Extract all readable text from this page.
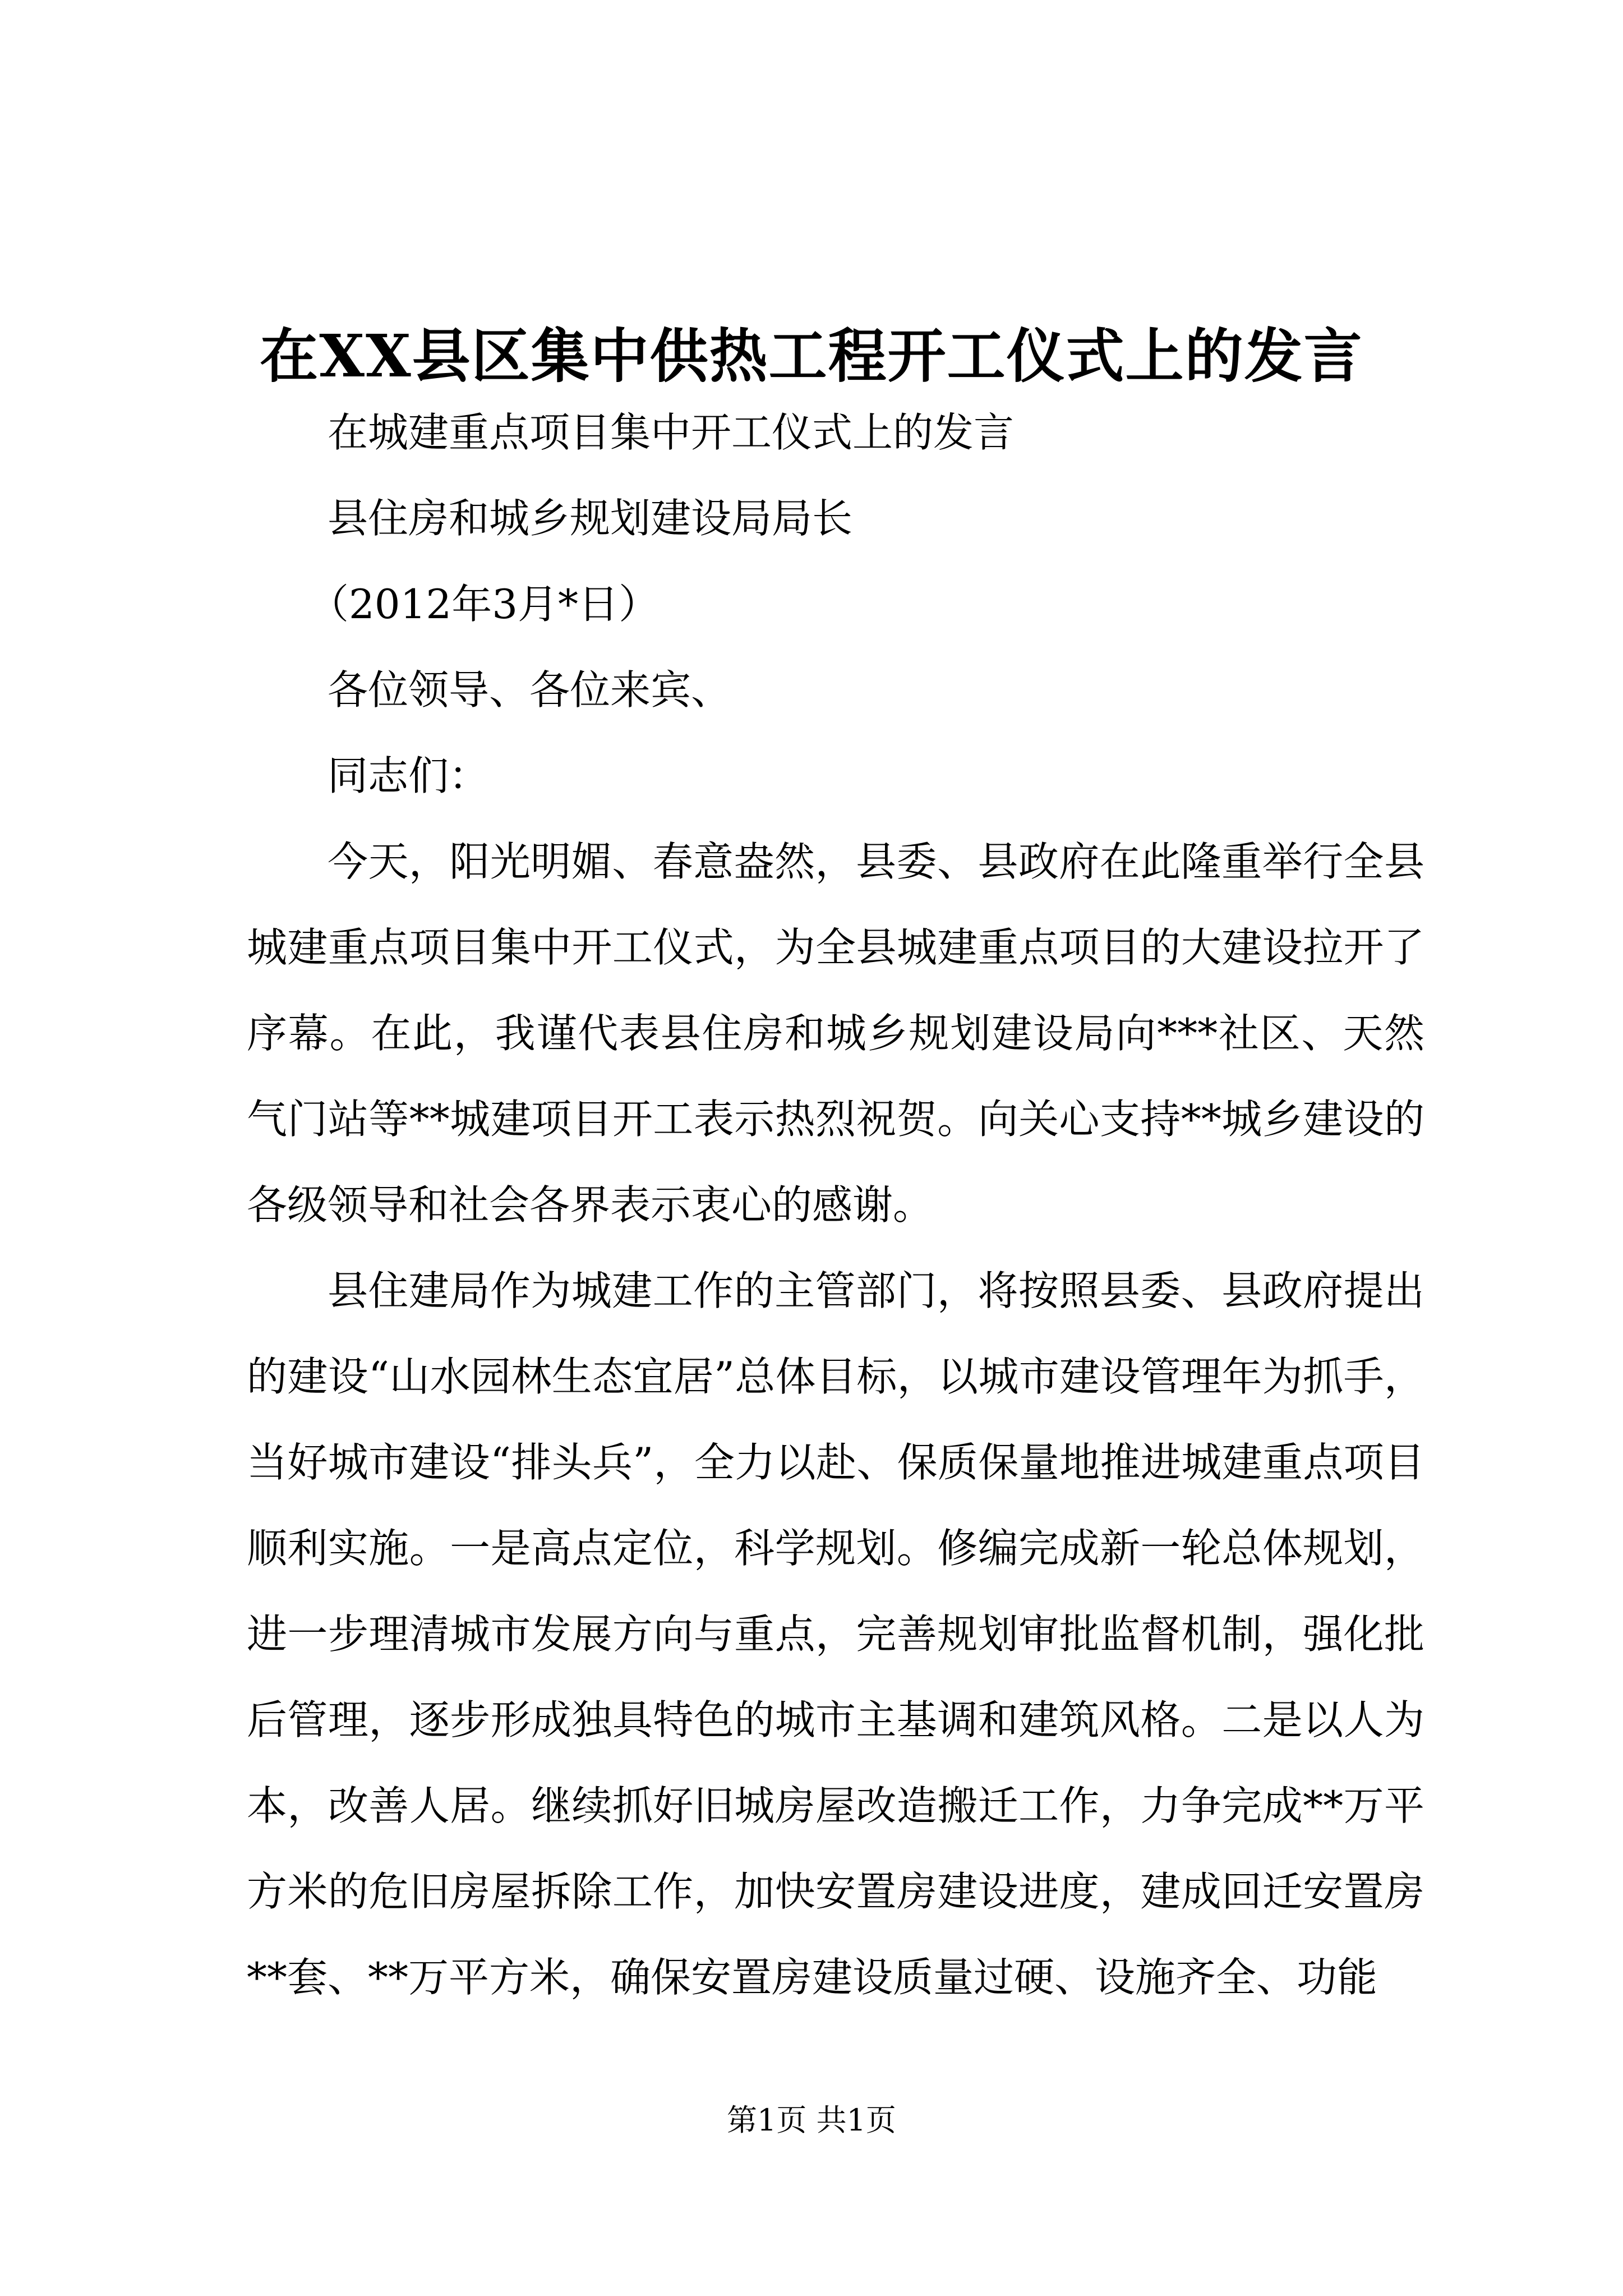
在XX县区集中供热工程开工仪式上的发言

在城建重点项目集中开工仪式上的发言

县住房和城乡规划建设局局长

（2012年3月*日）

各位领导、各位来宾、

同志们：

今天，阳光明媚、春意盎然，县委、县政府在此隆重举行全县城建重点项目集中开工仪式，为全县城建重点项目的大建设拉开了序幕。在此，我谨代表县住房和城乡规划建设局向***社区、天然气门站等**城建项目开工表示热烈祝贺。向关心支持**城乡建设的各级领导和社会各界表示衷心的感谢。

县住建局作为城建工作的主管部门，将按照县委、县政府提出的建设“山水园林生态宜居”总体目标，以城市建设管理年为抓手，当好城市建设“排头兵”，全力以赴、保质保量地推进城建重点项目顺利实施。一是高点定位，科学规划。修编完成新一轮总体规划，进一步理清城市发展方向与重点，完善规划审批监督机制，强化批后管理，逐步形成独具特色的城市主基调和建筑风格。二是以人为本，改善人居。继续抓好旧城房屋改造搬迁工作，力争完成**万平方米的危旧房屋拆除工作，加快安置房建设进度，建成回迁安置房**套、**万平方米，确保安置房建设质量过硬、设施齐全、功能

第1页 共1页
